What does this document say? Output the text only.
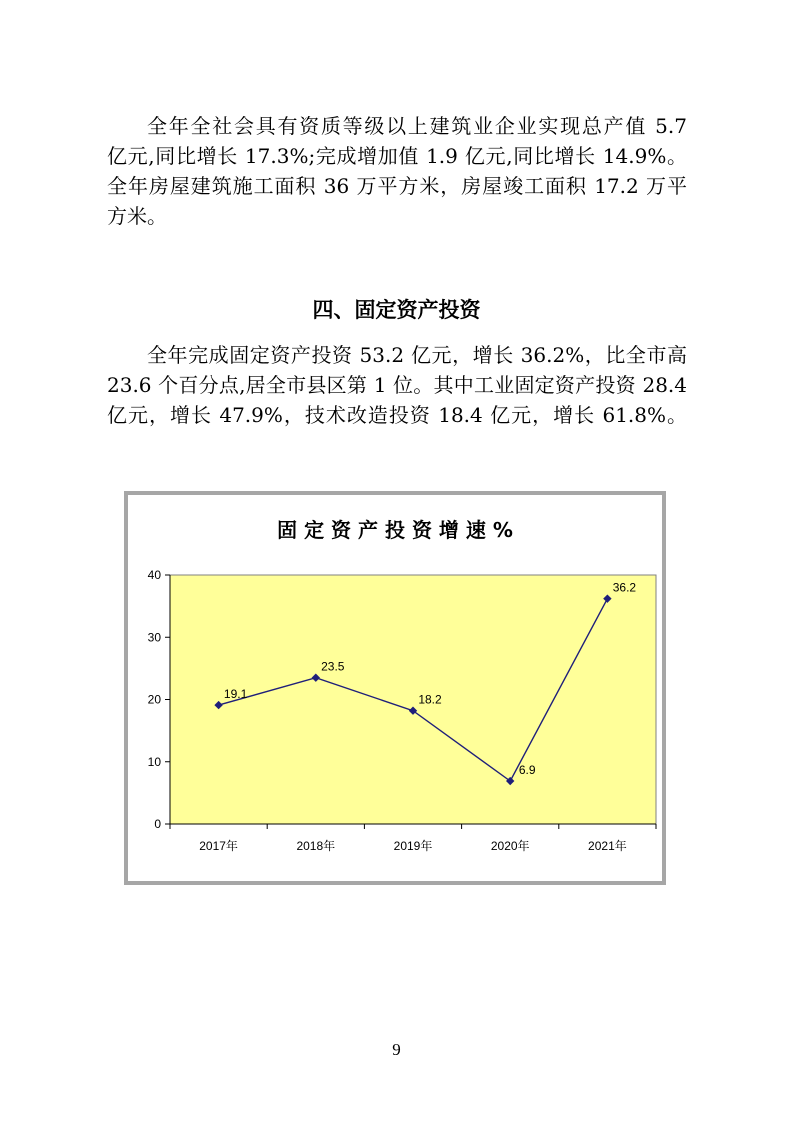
全年全社会具有资质等级以上建筑业企业实现总产值 5.7
亿元,同比增长 17.3%;完成增加值 1.9 亿元,同比增长 14.9%。
全年房屋建筑施工面积 36 万平方米，房屋竣工面积 17.2 万平
方米。
四、固定资产投资
全年完成固定资产投资 53.2 亿元，增长 36.2%，比全市高
23.6 个百分点,居全市县区第 1 位。其中工业固定资产投资 28.4
亿元，增长 47.9%，技术改造投资 18.4 亿元，增长 61.8%。
固 定 资 产 投 资 增 速 %
0
10
20
30
40
2017年	2018年	2019年	2020年	2021年
19.1
23.5
18.2
6.9
36.2
9
